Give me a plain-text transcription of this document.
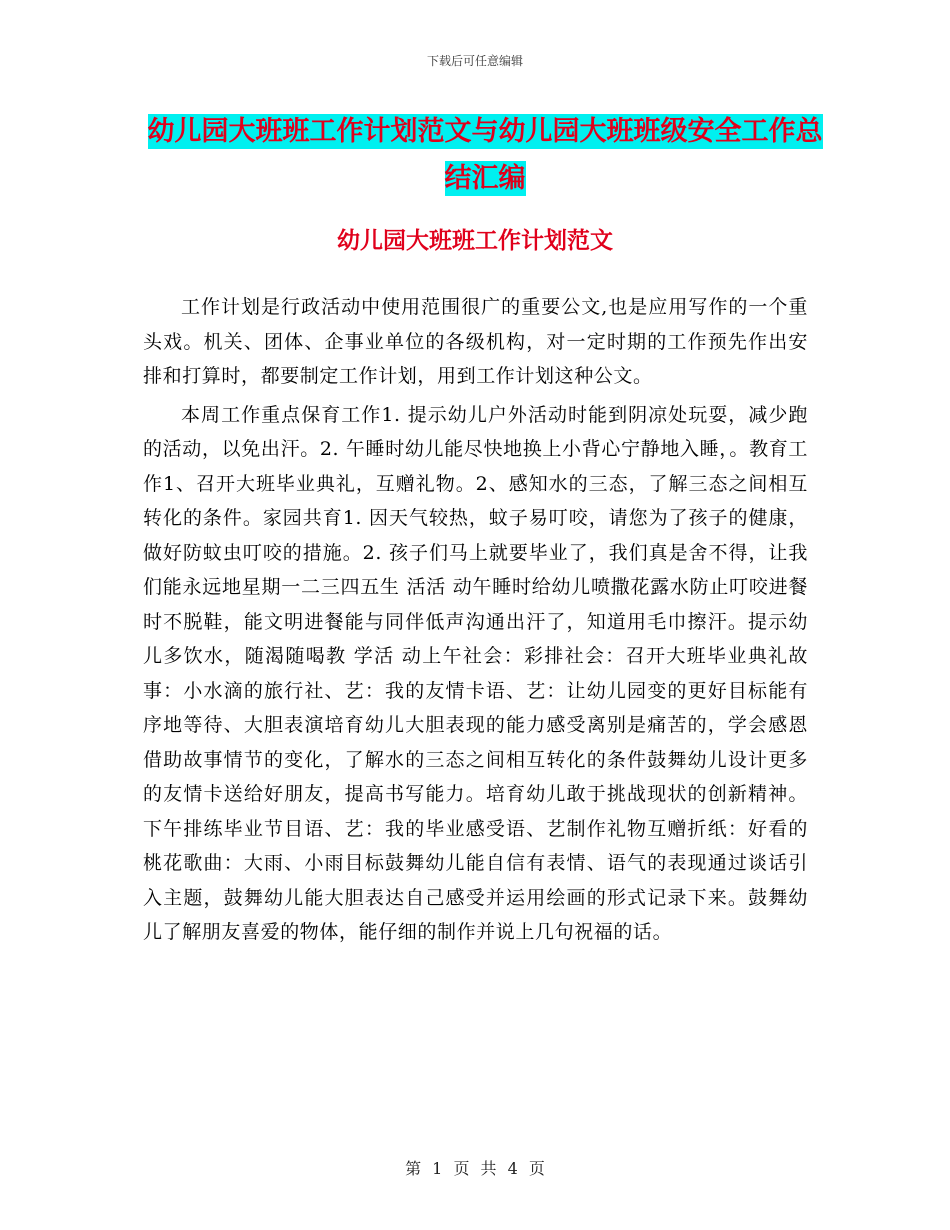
下载后可任意编辑
幼儿园大班班工作计划范文与幼儿园大班班级安全工作总结汇编
幼儿园大班班工作计划范文

工作计划是行政活动中使用范围很广的重要公文,也是应用写作的一个重头戏。机关、团体、企事业单位的各级机构，对一定时期的工作预先作出安排和打算时，都要制定工作计划，用到工作计划这种公文。

本周工作重点保育工作1. 提示幼儿户外活动时能到阴凉处玩耍，减少跑的活动，以免出汗。2. 午睡时幼儿能尽快地换上小背心宁静地入睡，。教育工作1、召开大班毕业典礼，互赠礼物。2、感知水的三态，了解三态之间相互转化的条件。家园共育1. 因天气较热，蚊子易叮咬，请您为了孩子的健康，做好防蚊虫叮咬的措施。2. 孩子们马上就要毕业了，我们真是舍不得，让我们能永远地星期一二三四五生 活活 动午睡时给幼儿喷撒花露水防止叮咬进餐时不脱鞋，能文明进餐能与同伴低声沟通出汗了，知道用毛巾擦汗。提示幼儿多饮水，随渴随喝教 学活 动上午社会：彩排社会：召开大班毕业典礼故事：小水滴的旅行社、艺：我的友情卡语、艺：让幼儿园变的更好目标能有序地等待、大胆表演培育幼儿大胆表现的能力感受离别是痛苦的，学会感恩借助故事情节的变化，了解水的三态之间相互转化的条件鼓舞幼儿设计更多的友情卡送给好朋友，提高书写能力。培育幼儿敢于挑战现状的创新精神。下午排练毕业节目语、艺：我的毕业感受语、艺制作礼物互赠折纸：好看的桃花歌曲：大雨、小雨目标鼓舞幼儿能自信有表情、语气的表现通过谈话引入主题，鼓舞幼儿能大胆表达自己感受并运用绘画的形式记录下来。鼓舞幼儿了解朋友喜爱的物体，能仔细的制作并说上几句祝福的话。

第 1 页 共 4 页
